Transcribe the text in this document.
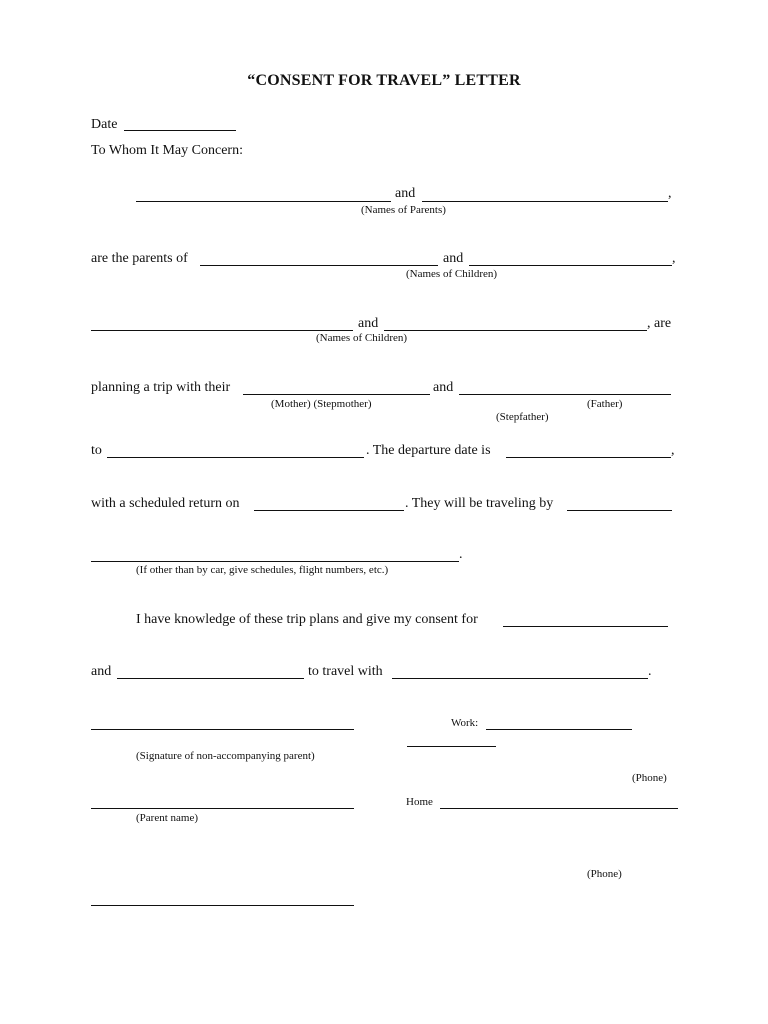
“CONSENT FOR TRAVEL” LETTER
Date
To Whom It May Concern:
and	,
(Names of Parents)
are the parents of	and	,
(Names of Children)
and	, are
(Names of Children)
planning a trip with their	and
(Mother) (Stepmother)	(Father)
(Stepfather)
to	. The departure date is	,
with a scheduled return on	. They will be traveling by
.
(If other than by car, give schedules, flight numbers, etc.)
I have knowledge of these trip plans and give my consent for
and	to travel with	.
Work:
(Signature of non-accompanying parent)
(Phone)
Home
(Parent name)
(Phone)
